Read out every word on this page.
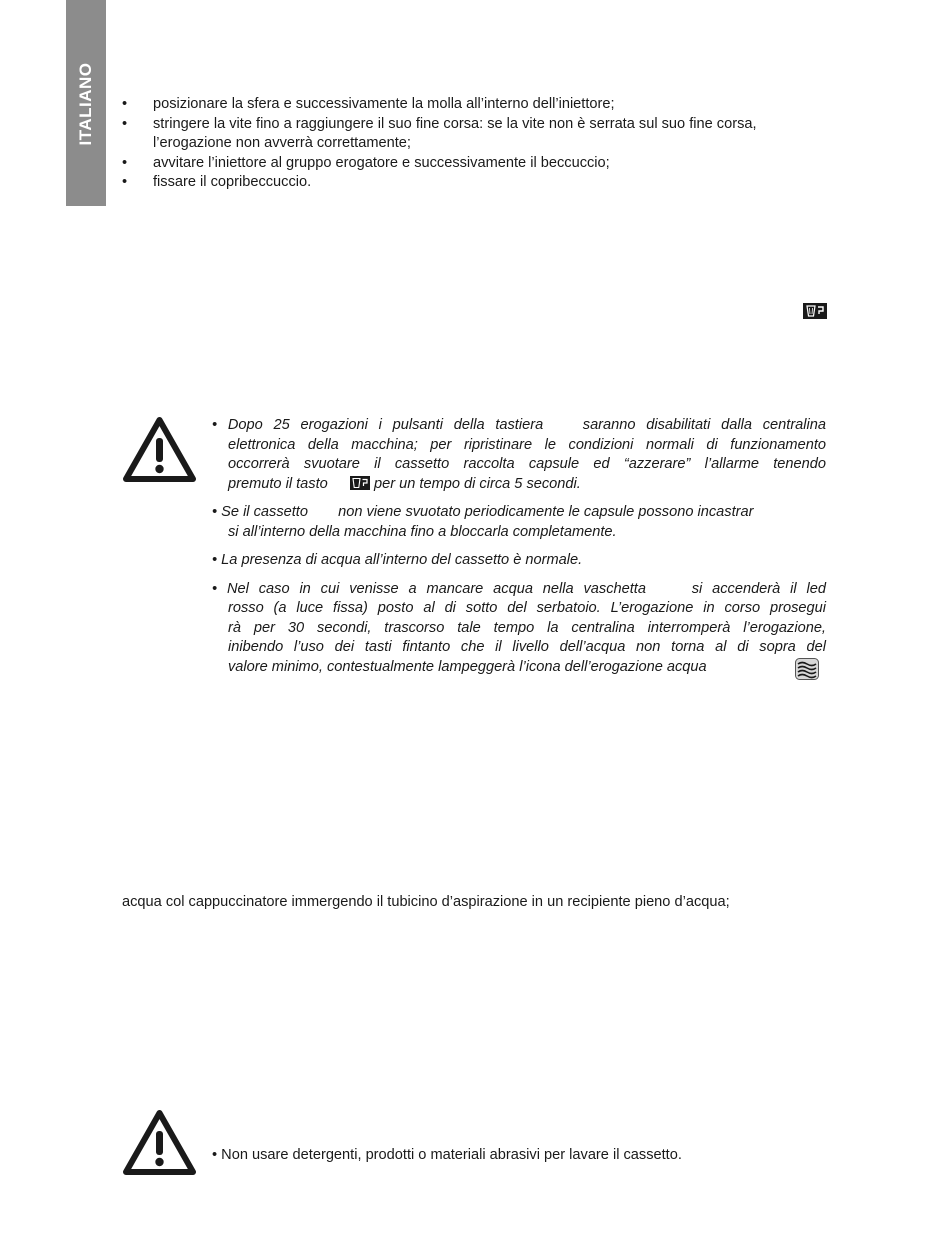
ITALIANO • posizionare la sfera e successivamente la molla all’interno dell’iniettore;
• stringere la vite fino a raggiungere il suo fine corsa: se la vite non è serrata sul suo fine corsa,
l’erogazione non avverrà correttamente;
• avvitare l’iniettore al gruppo erogatore e successivamente il beccuccio;
• fissare il copribeccuccio.
• Dopo 25 erogazioni i pulsanti della tastiera	saranno disabilitati dalla centralina
elettronica della macchina; per ripristinare le condizioni normali di funzionamento
occorrerà svuotare il cassetto raccolta capsule ed “azzerare” l’allarme tenendo
premuto il tasto	per un tempo di circa 5 secondi.
• Se il cassetto non viene svuotato periodicamente le capsule possono incastrar
si all’interno della macchina fino a bloccarla completamente.
• La presenza di acqua all’interno del cassetto è normale.
• Nel caso in cui venisse a mancare acqua nella vaschetta	si accenderà il led
rosso (a luce fissa) posto al di sotto del serbatoio. L’erogazione in corso prosegui
rà per 30 secondi, trascorso tale tempo la centralina interromperà l’erogazione,
inibendo l’uso dei tasti fintanto che il livello dell’acqua non torna al di sopra del
valore minimo, contestualmente lampeggerà l’icona dell’erogazione acqua
acqua col cappuccinatore immergendo il tubicino d’aspirazione in un recipiente pieno d’acqua;
• Non usare detergenti, prodotti o materiali abrasivi per lavare il cassetto.
